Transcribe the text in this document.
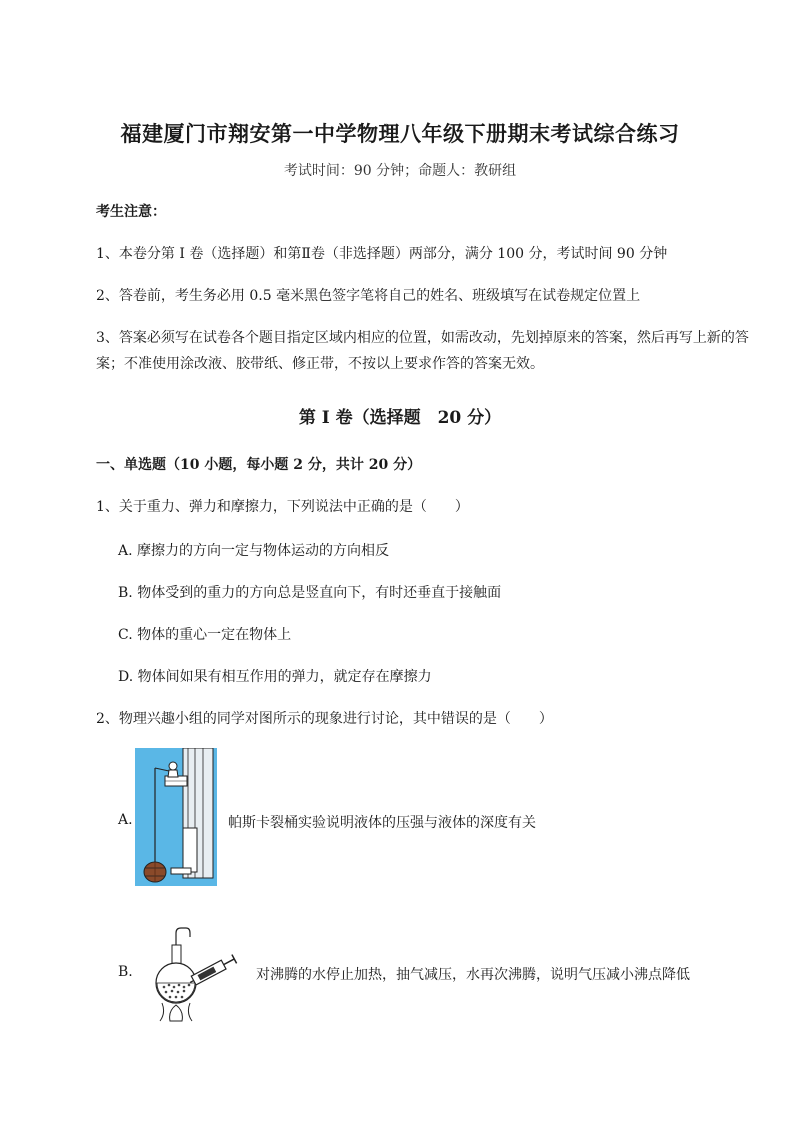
福建厦门市翔安第一中学物理八年级下册期末考试综合练习
考试时间：90 分钟；命题人：教研组
考生注意：
1、本卷分第 I 卷（选择题）和第Ⅱ卷（非选择题）两部分，满分 100 分，考试时间 90 分钟
2、答卷前，考生务必用 0.5 毫米黑色签字笔将自己的姓名、班级填写在试卷规定位置上
3、答案必须写在试卷各个题目指定区域内相应的位置，如需改动，先划掉原来的答案，然后再写上新的答案；不准使用涂改液、胶带纸、修正带，不按以上要求作答的答案无效。
第 I 卷（选择题　20 分）
一、单选题（10 小题，每小题 2 分，共计 20 分）
1、关于重力、弹力和摩擦力，下列说法中正确的是（　　）
A. 摩擦力的方向一定与物体运动的方向相反
B. 物体受到的重力的方向总是竖直向下，有时还垂直于接触面
C. 物体的重心一定在物体上
D. 物体间如果有相互作用的弹力，就定存在摩擦力
2、物理兴趣小组的同学对图所示的现象进行讨论，其中错误的是（　　）
A.	帕斯卡裂桶实验说明液体的压强与液体的深度有关
B.	对沸腾的水停止加热，抽气减压，水再次沸腾，说明气压减小沸点降低
